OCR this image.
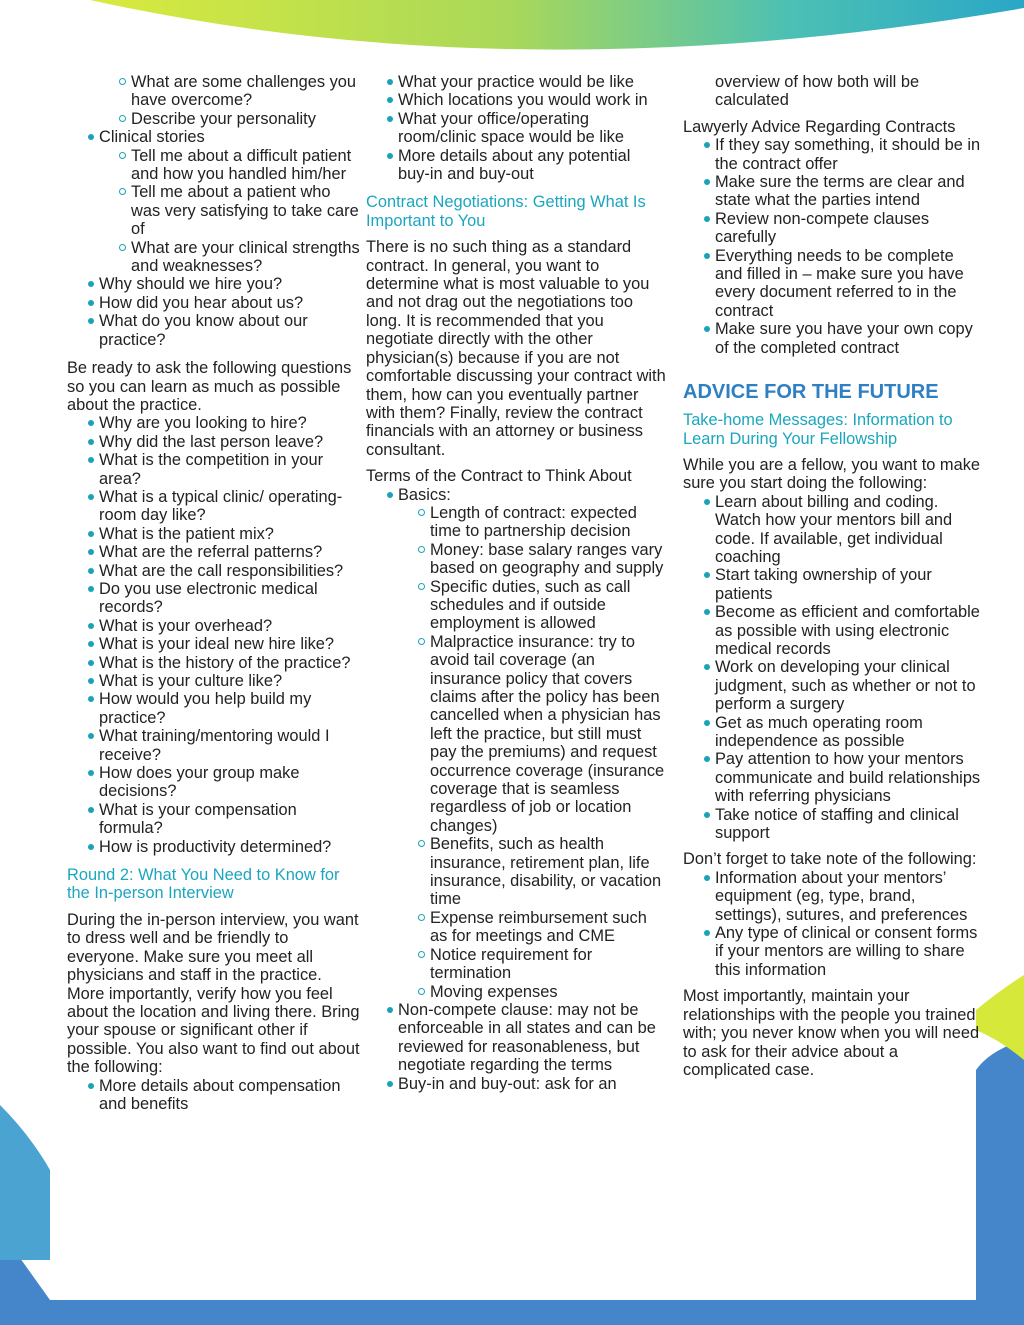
What are some challenges you have overcome?
Describe your personality
Clinical stories
Tell me about a difficult patient and how you handled him/her
Tell me about a patient who was very satisfying to take care of
What are your clinical strengths and weaknesses?
Why should we hire you?
How did you hear about us?
What do you know about our practice?

Be ready to ask the following questions so you can learn as much as possible about the practice.

Why are you looking to hire?
Why did the last person leave?
What is the competition in your area?
What is a typical clinic/ operating-room day like?
What is the patient mix?
What are the referral patterns?
What are the call responsibilities?
Do you use electronic medical records?
What is your overhead?
What is your ideal new hire like?
What is the history of the practice?
What is your culture like?
How would you help build my practice?
What training/mentoring would I receive?
How does your group make decisions?
What is your compensation formula?
How is productivity determined?

Round 2: What You Need to Know for the In-person Interview

During the in-person interview, you want to dress well and be friendly to everyone. Make sure you meet all physicians and staff in the practice. More importantly, verify how you feel about the location and living there. Bring your spouse or significant other if possible. You also want to find out about the following:

More details about compensation and benefits
What your practice would be like
Which locations you would work in
What your office/operating room/clinic space would be like
More details about any potential buy-in and buy-out

Contract Negotiations: Getting What Is Important to You

There is no such thing as a standard contract. In general, you want to determine what is most valuable to you and not drag out the negotiations too long. It is recommended that you negotiate directly with the other physician(s) because if you are not comfortable discussing your contract with them, how can you eventually partner with them? Finally, review the contract financials with an attorney or business consultant.

Terms of the Contract to Think About

Basics:
Length of contract: expected time to partnership decision
Money: base salary ranges vary based on geography and supply
Specific duties, such as call schedules and if outside employment is allowed
Malpractice insurance: try to avoid tail coverage (an insurance policy that covers claims after the policy has been cancelled when a physician has left the practice, but still must pay the premiums) and request occurrence coverage (insurance coverage that is seamless regardless of job or location changes)
Benefits, such as health insurance, retirement plan, life insurance, disability, or vacation time
Expense reimbursement such as for meetings and CME
Notice requirement for termination
Moving expenses
Non-compete clause: may not be enforceable in all states and can be reviewed for reasonableness, but negotiate regarding the terms
Buy-in and buy-out: ask for an

overview of how both will be calculated

Lawyerly Advice Regarding Contracts

If they say something, it should be in the contract offer
Make sure the terms are clear and state what the parties intend
Review non-compete clauses carefully
Everything needs to be complete and filled in – make sure you have every document referred to in the contract
Make sure you have your own copy of the completed contract

ADVICE FOR THE FUTURE

Take-home Messages: Information to Learn During Your Fellowship

While you are a fellow, you want to make sure you start doing the following:

Learn about billing and coding. Watch how your mentors bill and code. If available, get individual coaching
Start taking ownership of your patients
Become as efficient and comfortable as possible with using electronic medical records
Work on developing your clinical judgment, such as whether or not to perform a surgery
Get as much operating room independence as possible
Pay attention to how your mentors communicate and build relationships with referring physicians
Take notice of staffing and clinical support

Don’t forget to take note of the following:

Information about your mentors’ equipment (eg, type, brand, settings), sutures, and preferences
Any type of clinical or consent forms if your mentors are willing to share this information

Most importantly, maintain your relationships with the people you trained with; you never know when you will need to ask for their advice about a complicated case.
